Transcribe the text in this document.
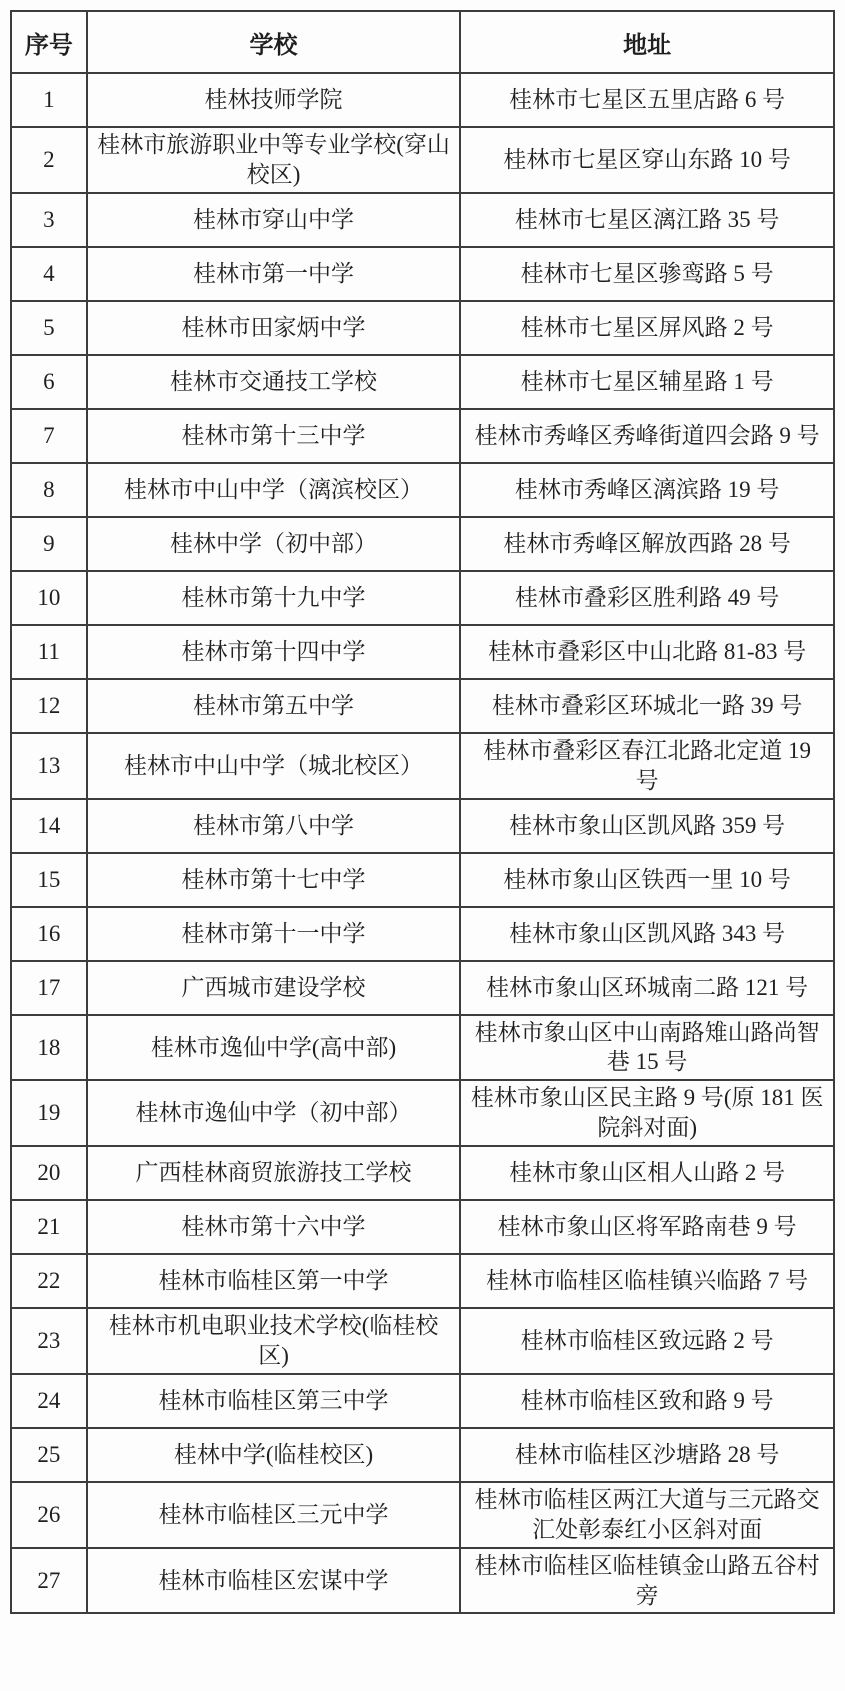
序号	学校	地址
1	桂林技师学院	桂林市七星区五里店路 6 号
2	桂林市旅游职业中等专业学校(穿山校区)	桂林市七星区穿山东路 10 号
3	桂林市穿山中学	桂林市七星区漓江路 35 号
4	桂林市第一中学	桂林市七星区骖鸾路 5 号
5	桂林市田家炳中学	桂林市七星区屏风路 2 号
6	桂林市交通技工学校	桂林市七星区辅星路 1 号
7	桂林市第十三中学	桂林市秀峰区秀峰街道四会路 9 号
8	桂林市中山中学（漓滨校区）	桂林市秀峰区漓滨路 19 号
9	桂林中学（初中部）	桂林市秀峰区解放西路 28 号
10	桂林市第十九中学	桂林市叠彩区胜利路 49 号
11	桂林市第十四中学	桂林市叠彩区中山北路 81-83 号
12	桂林市第五中学	桂林市叠彩区环城北一路 39 号
13	桂林市中山中学（城北校区）	桂林市叠彩区春江北路北定道 19 号
14	桂林市第八中学	桂林市象山区凯风路 359 号
15	桂林市第十七中学	桂林市象山区铁西一里 10 号
16	桂林市第十一中学	桂林市象山区凯风路 343 号
17	广西城市建设学校	桂林市象山区环城南二路 121 号
18	桂林市逸仙中学(高中部)	桂林市象山区中山南路雉山路尚智巷 15 号
19	桂林市逸仙中学（初中部）	桂林市象山区民主路 9 号(原 181 医院斜对面)
20	广西桂林商贸旅游技工学校	桂林市象山区相人山路 2 号
21	桂林市第十六中学	桂林市象山区将军路南巷 9 号
22	桂林市临桂区第一中学	桂林市临桂区临桂镇兴临路 7 号
23	桂林市机电职业技术学校(临桂校区)	桂林市临桂区致远路 2 号
24	桂林市临桂区第三中学	桂林市临桂区致和路 9 号
25	桂林中学(临桂校区)	桂林市临桂区沙塘路 28 号
26	桂林市临桂区三元中学	桂林市临桂区两江大道与三元路交汇处彰泰红小区斜对面
27	桂林市临桂区宏谋中学	桂林市临桂区临桂镇金山路五谷村旁
